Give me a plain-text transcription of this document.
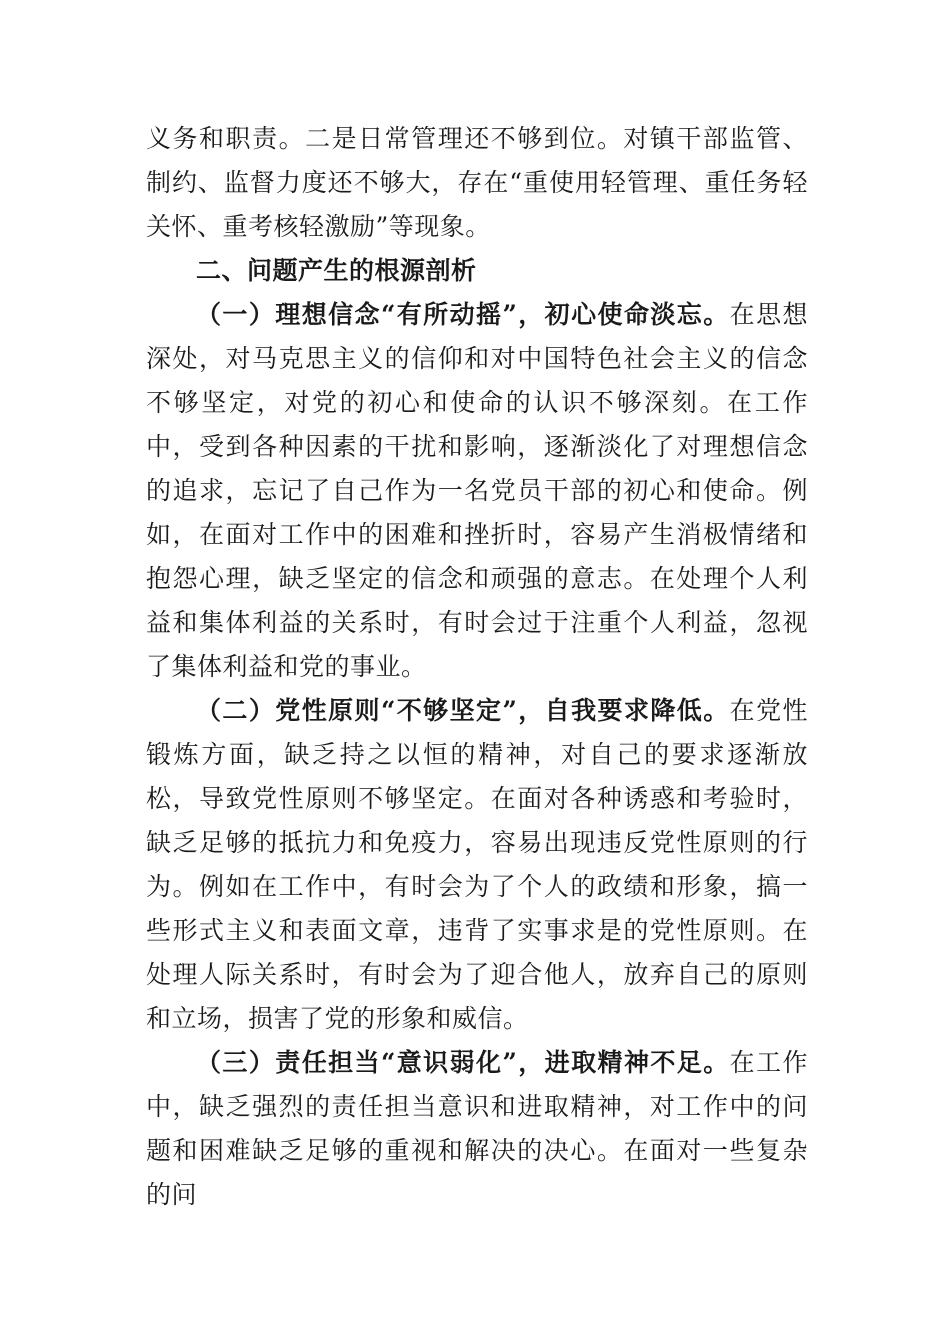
义务和职责。二是日常管理还不够到位。对镇干部监管、制约、监督力度还不够大，存在“重使用轻管理、重任务轻关怀、重考核轻激励”等现象。

二、问题产生的根源剖析

（一）理想信念“有所动摇”，初心使命淡忘。在思想深处，对马克思主义的信仰和对中国特色社会主义的信念不够坚定，对党的初心和使命的认识不够深刻。在工作中，受到各种因素的干扰和影响，逐渐淡化了对理想信念的追求，忘记了自己作为一名党员干部的初心和使命。例如，在面对工作中的困难和挫折时，容易产生消极情绪和抱怨心理，缺乏坚定的信念和顽强的意志。在处理个人利益和集体利益的关系时，有时会过于注重个人利益，忽视了集体利益和党的事业。

（二）党性原则“不够坚定”，自我要求降低。在党性锻炼方面，缺乏持之以恒的精神，对自己的要求逐渐放松，导致党性原则不够坚定。在面对各种诱惑和考验时，缺乏足够的抵抗力和免疫力，容易出现违反党性原则的行为。例如在工作中，有时会为了个人的政绩和形象，搞一些形式主义和表面文章，违背了实事求是的党性原则。在处理人际关系时，有时会为了迎合他人，放弃自己的原则和立场，损害了党的形象和威信。

（三）责任担当“意识弱化”，进取精神不足。在工作中，缺乏强烈的责任担当意识和进取精神，对工作中的问题和困难缺乏足够的重视和解决的决心。在面对一些复杂的问
